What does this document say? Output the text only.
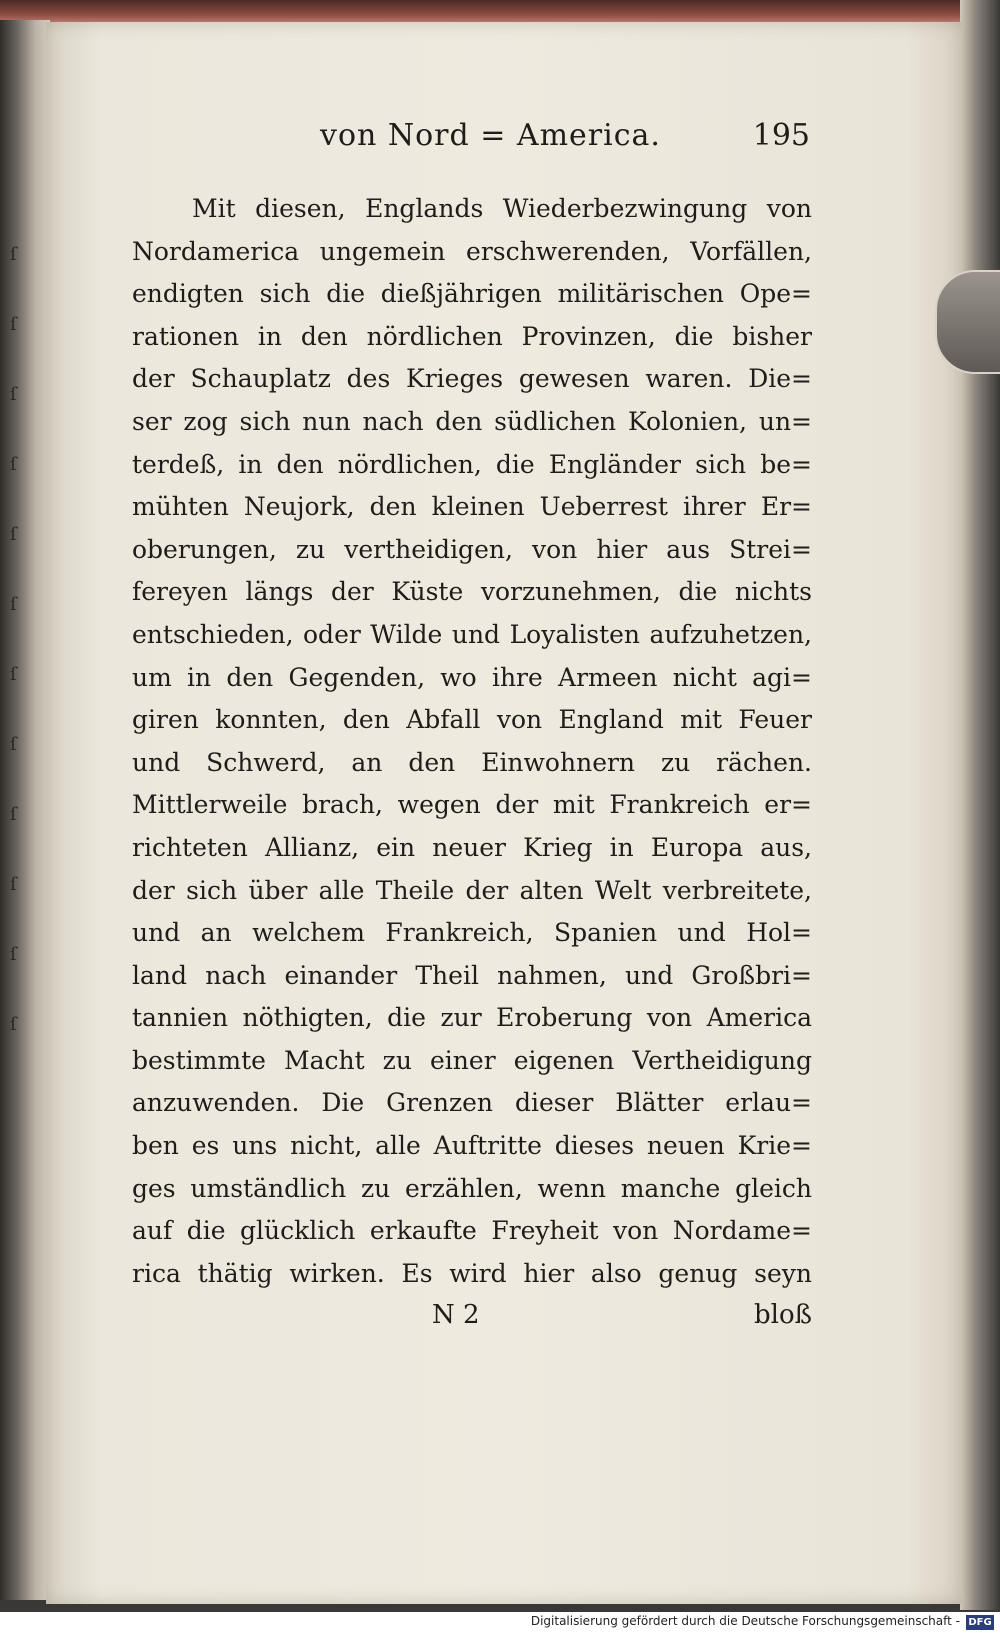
ſ
ſ
ſ
ſ
ſ
ſ
ſ
ſ
ſ
ſ
ſ
ſ
von Nord = America.	195
Mit diesen, Englands Wiederbezwingung von
Nordamerica ungemein erschwerenden, Vorfällen,
endigten sich die dießjährigen militärischen Ope=
rationen in den nördlichen Provinzen, die bisher
der Schauplatz des Krieges gewesen waren. Die=
ser zog sich nun nach den südlichen Kolonien, un=
terdeß, in den nördlichen, die Engländer sich be=
mühten Neujork, den kleinen Ueberrest ihrer Er=
oberungen, zu vertheidigen, von hier aus Strei=
fereyen längs der Küste vorzunehmen, die nichts
entschieden, oder Wilde und Loyalisten aufzuhetzen,
um in den Gegenden, wo ihre Armeen nicht agi=
giren konnten, den Abfall von England mit Feuer
und Schwerd, an den Einwohnern zu rächen.
Mittlerweile brach, wegen der mit Frankreich er=
richteten Allianz, ein neuer Krieg in Europa aus,
der sich über alle Theile der alten Welt verbreitete,
und an welchem Frankreich, Spanien und Hol=
land nach einander Theil nahmen, und Großbri=
tannien nöthigten, die zur Eroberung von America
bestimmte Macht zu einer eigenen Vertheidigung
anzuwenden. Die Grenzen dieser Blätter erlau=
ben es uns nicht, alle Auftritte dieses neuen Krie=
ges umständlich zu erzählen, wenn manche gleich
auf die glücklich erkaufte Freyheit von Nordame=
rica thätig wirken. Es wird hier also genug seyn
N 2	bloß
Digitalisierung gefördert durch die Deutsche Forschungsgemeinschaft - DFG
